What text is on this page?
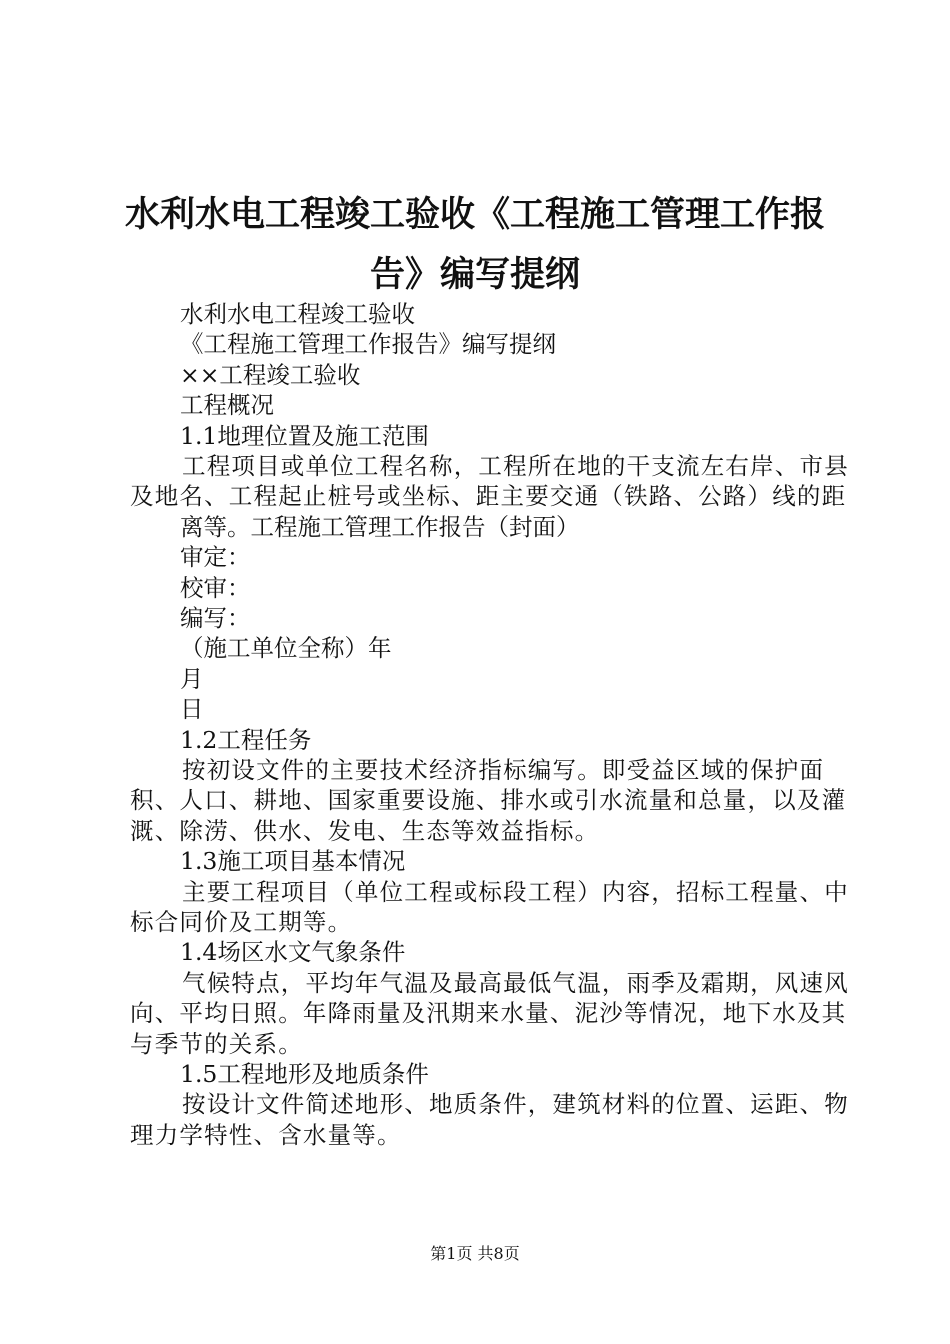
水利水电工程竣工验收《工程施工管理工作报
告》编写提纲
水利水电工程竣工验收
《工程施工管理工作报告》编写提纲
××工程竣工验收
工程概况
1.1地理位置及施工范围
工程项目或单位工程名称，工程所在地的干支流左右岸、市县及地名、工程起止桩号或坐标、距主要交通（铁路、公路）线的距
离等。工程施工管理工作报告（封面）
审定：
校审：
编写：
（施工单位全称）年
月
日
1.2工程任务
按初设文件的主要技术经济指标编写。即受益区域的保护面积、人口、耕地、国家重要设施、排水或引水流量和总量，以及灌溉、除涝、供水、发电、生态等效益指标。
1.3施工项目基本情况
主要工程项目（单位工程或标段工程）内容，招标工程量、中标合同价及工期等。
1.4场区水文气象条件
气候特点，平均年气温及最高最低气温，雨季及霜期，风速风向、平均日照。年降雨量及汛期来水量、泥沙等情况，地下水及其与季节的关系。
1.5工程地形及地质条件
按设计文件简述地形、地质条件，建筑材料的位置、运距、物理力学特性、含水量等。
第1页 共8页
